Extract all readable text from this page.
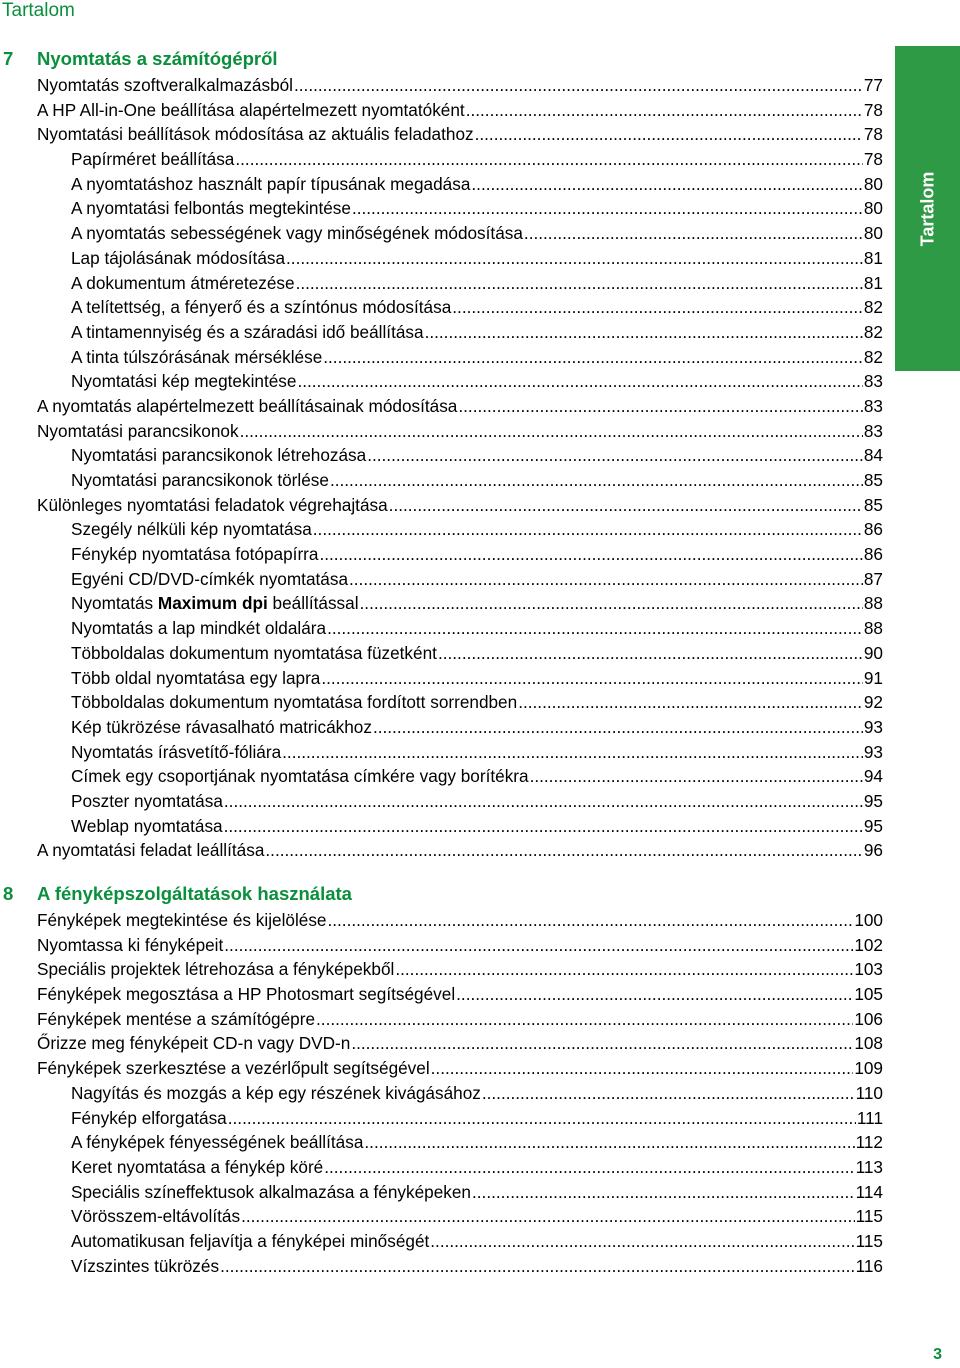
Tartalom
Tartalom
7 Nyomtatás a számítógépről
Nyomtatás szoftveralkalmazásból .....	77
A HP All-in-One beállítása alapértelmezett nyomtatóként .....	78
Nyomtatási beállítások módosítása az aktuális feladathoz .....	78
Papírméret beállítása .....	78
A nyomtatáshoz használt papír típusának megadása .....	80
A nyomtatási felbontás megtekintése .....	80
A nyomtatás sebességének vagy minőségének módosítása .....	80
Lap tájolásának módosítása .....	81
A dokumentum átméretezése .....	81
A telítettség, a fényerő és a színtónus módosítása .....	82
A tintamennyiség és a száradási idő beállítása .....	82
A tinta túlszórásának mérséklése .....	82
Nyomtatási kép megtekintése .....	83
A nyomtatás alapértelmezett beállításainak módosítása .....	83
Nyomtatási parancsikonok .....	83
Nyomtatási parancsikonok létrehozása .....	84
Nyomtatási parancsikonok törlése .....	85
Különleges nyomtatási feladatok végrehajtása .....	85
Szegély nélküli kép nyomtatása .....	86
Fénykép nyomtatása fotópapírra .....	86
Egyéni CD/DVD-címkék nyomtatása .....	87
Nyomtatás Maximum dpi beállítással .....	88
Nyomtatás a lap mindkét oldalára .....	88
Többoldalas dokumentum nyomtatása füzetként .....	90
Több oldal nyomtatása egy lapra .....	91
Többoldalas dokumentum nyomtatása fordított sorrendben .....	92
Kép tükrözése rávasalható matricákhoz .....	93
Nyomtatás írásvetítő-fóliára .....	93
Címek egy csoportjának nyomtatása címkére vagy borítékra .....	94
Poszter nyomtatása .....	95
Weblap nyomtatása .....	95
A nyomtatási feladat leállítása .....	96
8 A fényképszolgáltatások használata
Fényképek megtekintése és kijelölése .....	100
Nyomtassa ki fényképeit .....	102
Speciális projektek létrehozása a fényképekből .....	103
Fényképek megosztása a HP Photosmart segítségével .....	105
Fényképek mentése a számítógépre .....	106
Őrizze meg fényképeit CD-n vagy DVD-n .....	108
Fényképek szerkesztése a vezérlőpult segítségével .....	109
Nagyítás és mozgás a kép egy részének kivágásához .....	110
Fénykép elforgatása .....	111
A fényképek fényességének beállítása .....	112
Keret nyomtatása a fénykép köré .....	113
Speciális színeffektusok alkalmazása a fényképeken .....	114
Vörösszem-eltávolítás .....	115
Automatikusan feljavítja a fényképei minőségét .....	115
Vízszintes tükrözés .....	116
3
